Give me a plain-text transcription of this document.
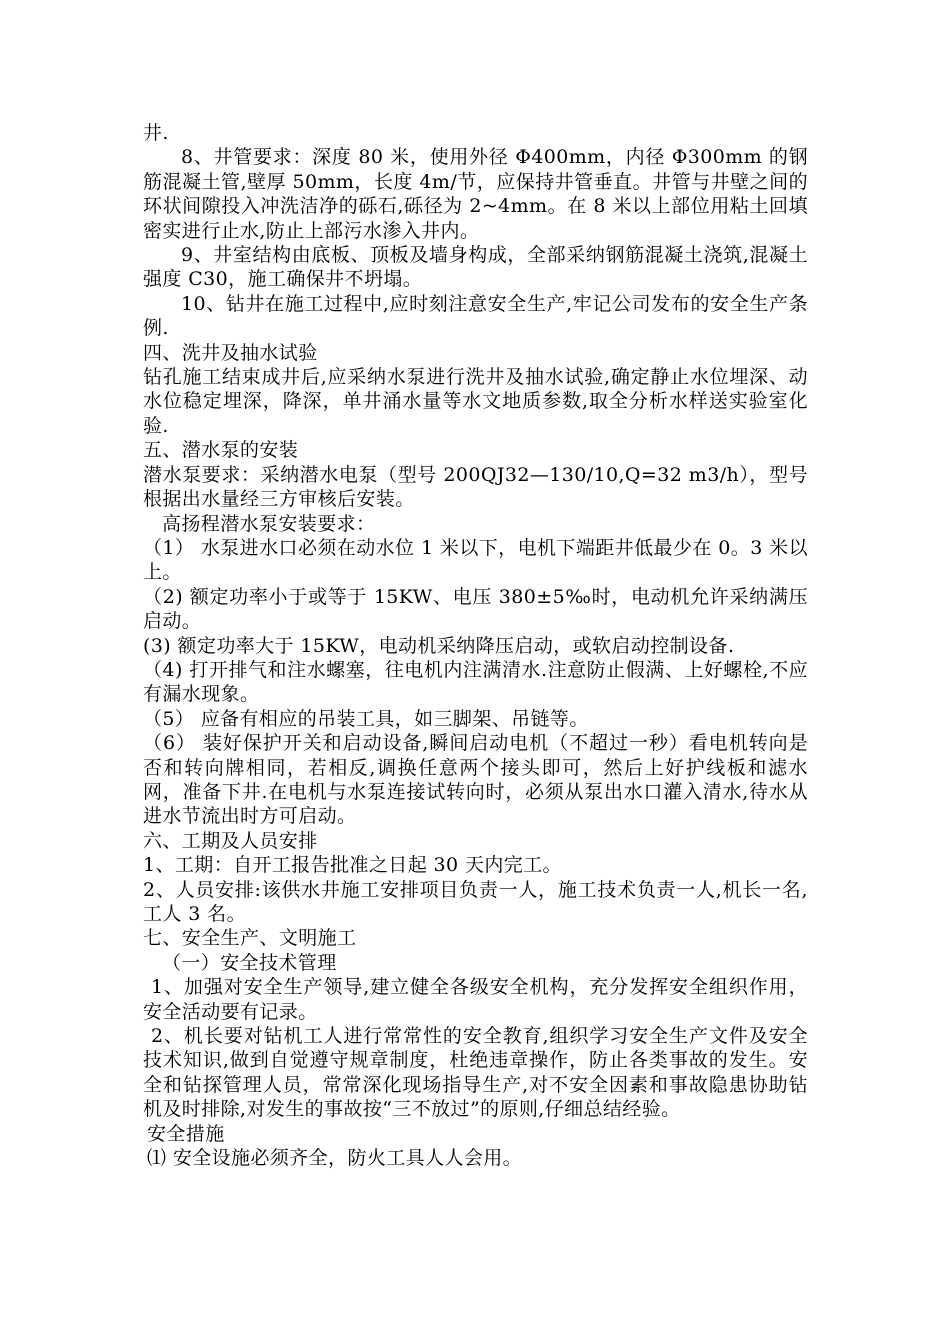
井.

8、井管要求：深度 80 米，使用外径 Φ400mm，内径 Φ300mm 的钢筋混凝土管,壁厚 50mm，长度 4m/节，应保持井管垂直。井管与井壁之间的环状间隙投入冲洗洁净的砾石,砾径为 2~4mm。在 8 米以上部位用粘土回填密实进行止水,防止上部污水渗入井内。

9、井室结构由底板、顶板及墙身构成，全部采纳钢筋混凝土浇筑,混凝土强度 C30，施工确保井不坍塌。

10、钻井在施工过程中,应时刻注意安全生产,牢记公司发布的安全生产条例.

四、洗井及抽水试验

钻孔施工结束成井后,应采纳水泵进行洗井及抽水试验,确定静止水位埋深、动水位稳定埋深，降深，单井涌水量等水文地质参数,取全分析水样送实验室化验.

五、潜水泵的安装

潜水泵要求：采纳潜水电泵（型号 200QJ32—130/10,Q=32 m3/h），型号根据出水量经三方审核后安装。

高扬程潜水泵安装要求：

（1） 水泵进水口必须在动水位 1 米以下，电机下端距井低最少在 0。3 米以上。

（2) 额定功率小于或等于 15KW、电压 380±5‰时，电动机允许采纳满压启动。

(3) 额定功率大于 15KW，电动机采纳降压启动，或软启动控制设备.

（4) 打开排气和注水螺塞，往电机内注满清水.注意防止假满、上好螺栓,不应有漏水现象。

（5） 应备有相应的吊装工具，如三脚架、吊链等。

（6） 装好保护开关和启动设备,瞬间启动电机（不超过一秒）看电机转向是否和转向牌相同，若相反,调换任意两个接头即可，然后上好护线板和滤水网，准备下井.在电机与水泵连接试转向时，必须从泵出水口灌入清水,待水从进水节流出时方可启动。

六、工期及人员安排

1、工期：自开工报告批准之日起 30 天内完工。

2、人员安排:该供水井施工安排项目负责一人，施工技术负责一人,机长一名,工人 3 名。

七、安全生产、文明施工

（一）安全技术管理

1、加强对安全生产领导,建立健全各级安全机构，充分发挥安全组织作用，安全活动要有记录。

2、机长要对钻机工人进行常常性的安全教育,组织学习安全生产文件及安全技术知识,做到自觉遵守规章制度，杜绝违章操作，防止各类事故的发生。安全和钻探管理人员，常常深化现场指导生产,对不安全因素和事故隐患协助钻机及时排除,对发生的事故按“三不放过”的原则,仔细总结经验。

安全措施

⑴ 安全设施必须齐全，防火工具人人会用。
